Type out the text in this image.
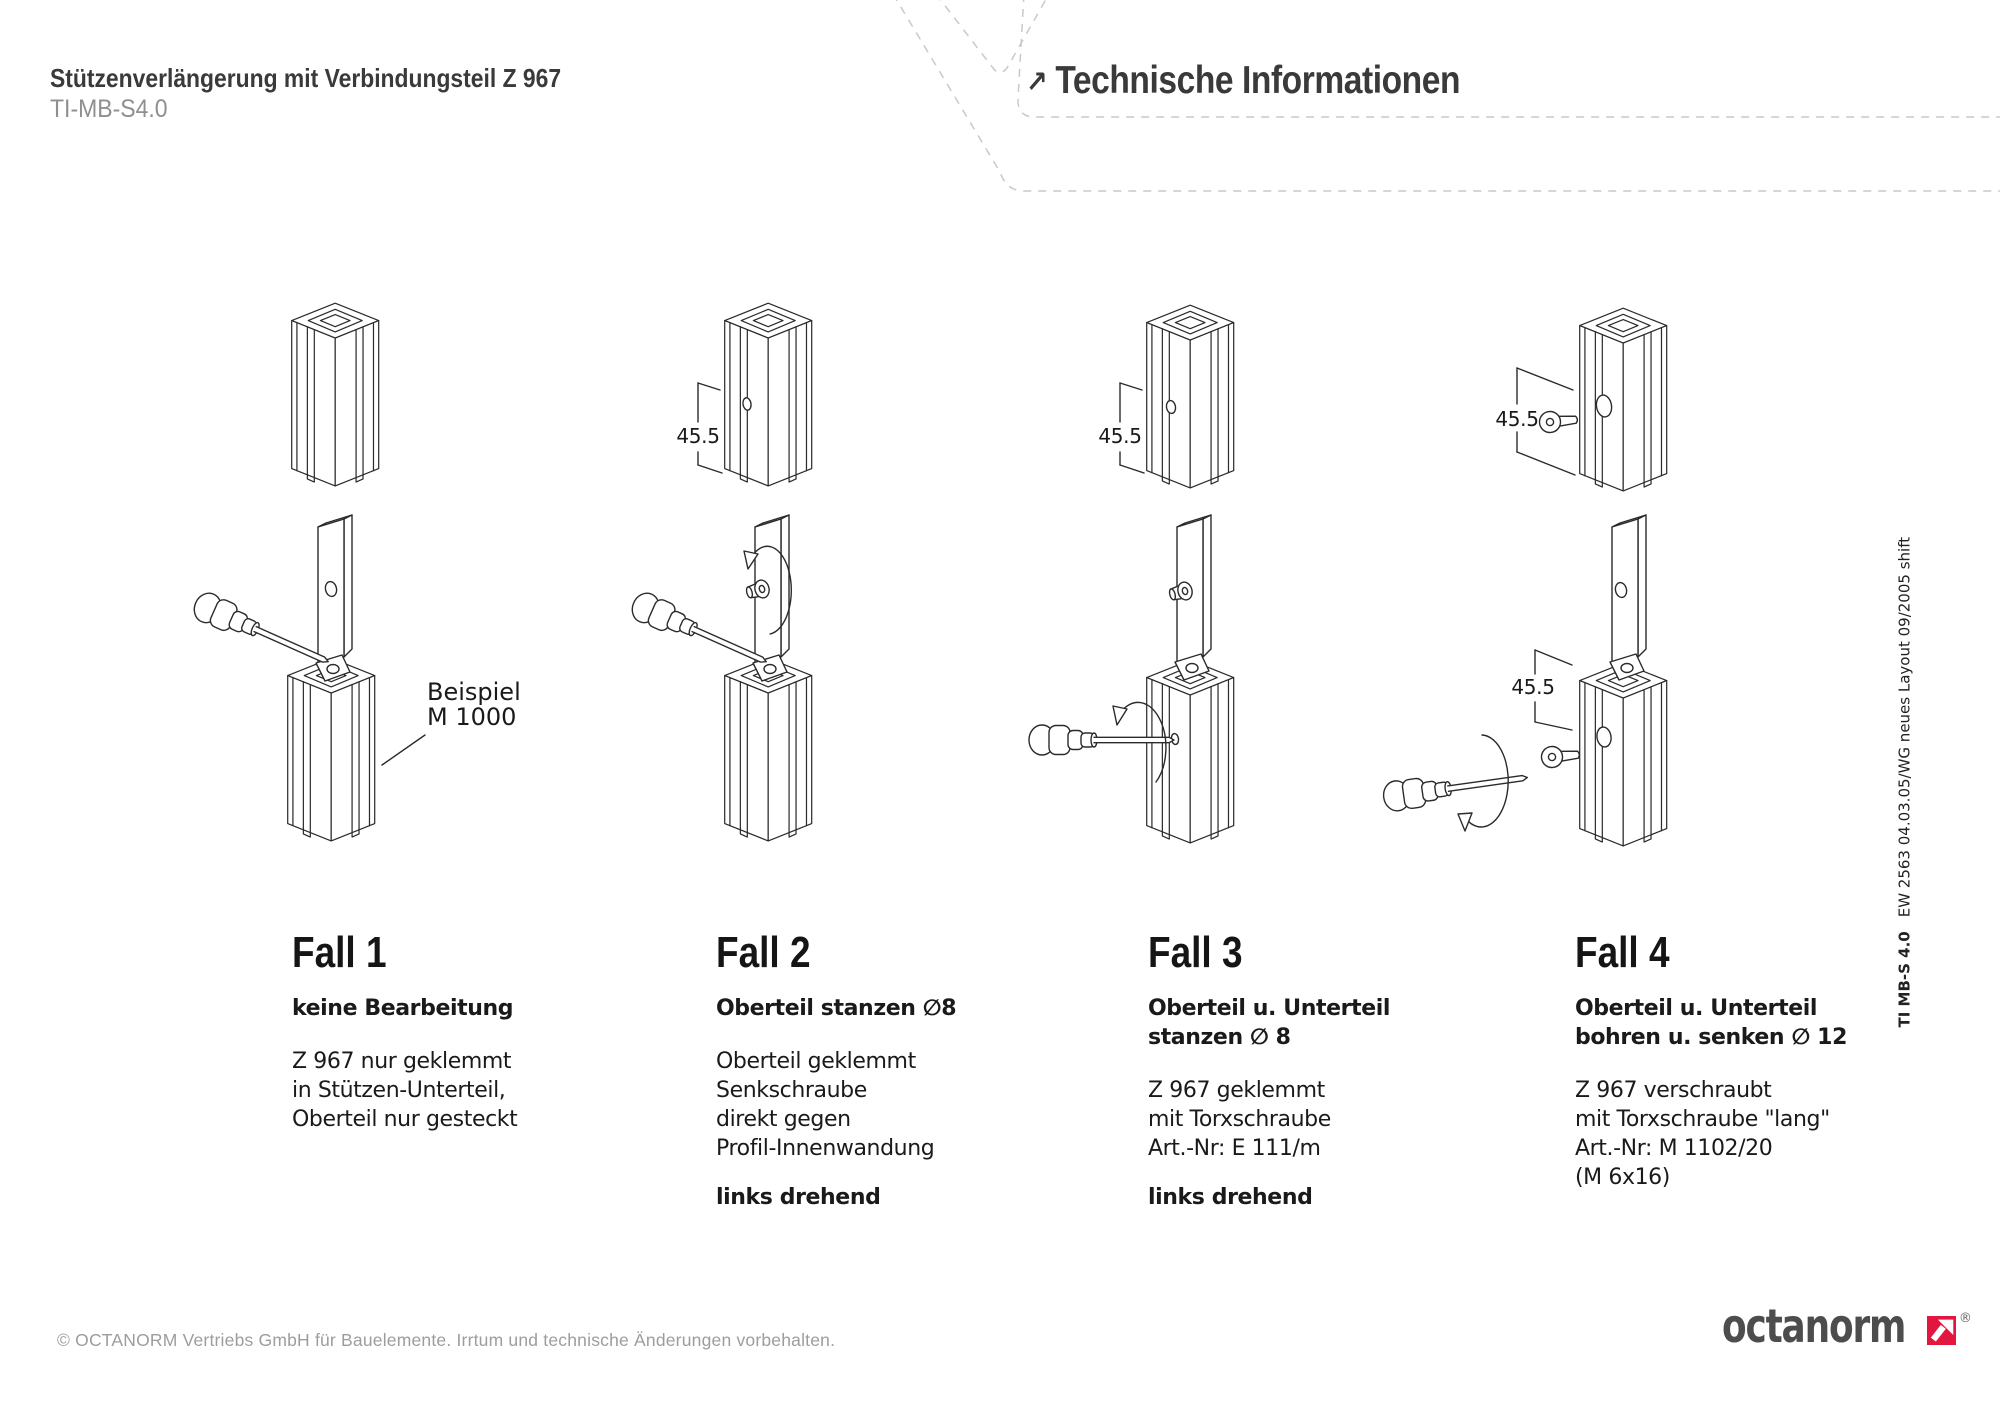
Stützenverlängerung mit Verbindungsteil Z 967
TI-MB-S4.0
↗ Technische Informationen
Beispiel
M 1000
45.5	45.5
45.5
45.5
Fall 1
keine Bearbeitung
Z 967 nur geklemmt
in Stützen-Unterteil,
Oberteil nur gesteckt
Fall 2
Oberteil stanzen ∅8
Oberteil geklemmt
Senkschraube
direkt gegen
Profil-Innenwandung
links drehend
Fall 3
Oberteil u. Unterteil
stanzen ∅ 8
Z 967 geklemmt
mit Torxschraube
Art.-Nr: E 111/m
links drehend
Fall 4
Oberteil u. Unterteil
bohren u. senken ∅ 12
Z 967 verschraubt
mit Torxschraube "lang"
Art.-Nr: M 1102/20
(M 6x16)
TI MB-S 4.0EW 2563 04.03.05/WG neues Layout 09/2005 shift
© OCTANORM Vertriebs GmbH für Bauelemente. Irrtum und technische Änderungen vorbehalten.	octanorm	®
